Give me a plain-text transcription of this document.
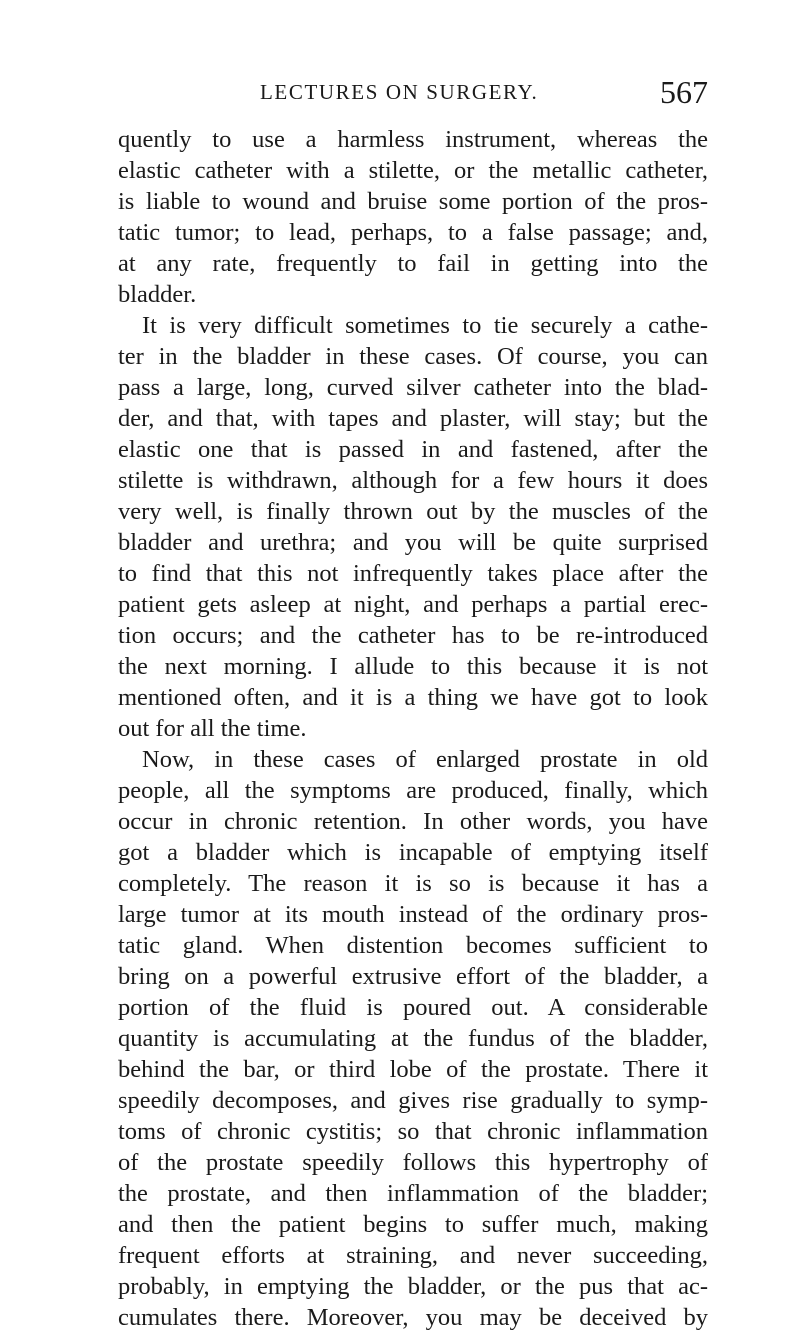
LECTURES ON SURGERY.	567
quently to use a harmless instrument, whereas the
elastic catheter with a stilette, or the metallic catheter,
is liable to wound and bruise some portion of the pros-
tatic tumor; to lead, perhaps, to a false passage; and,
at any rate, frequently to fail in getting into the
bladder.
It is very difficult sometimes to tie securely a cathe-
ter in the bladder in these cases. Of course, you can
pass a large, long, curved silver catheter into the blad-
der, and that, with tapes and plaster, will stay; but the
elastic one that is passed in and fastened, after the
stilette is withdrawn, although for a few hours it does
very well, is finally thrown out by the muscles of the
bladder and urethra; and you will be quite surprised
to find that this not infrequently takes place after the
patient gets asleep at night, and perhaps a partial erec-
tion occurs; and the catheter has to be re-introduced
the next morning. I allude to this because it is not
mentioned often, and it is a thing we have got to look
out for all the time.
Now, in these cases of enlarged prostate in old
people, all the symptoms are produced, finally, which
occur in chronic retention. In other words, you have
got a bladder which is incapable of emptying itself
completely. The reason it is so is because it has a
large tumor at its mouth instead of the ordinary pros-
tatic gland. When distention becomes sufficient to
bring on a powerful extrusive effort of the bladder, a
portion of the fluid is poured out. A considerable
quantity is accumulating at the fundus of the bladder,
behind the bar, or third lobe of the prostate. There it
speedily decomposes, and gives rise gradually to symp-
toms of chronic cystitis; so that chronic inflammation
of the prostate speedily follows this hypertrophy of
the prostate, and then inflammation of the bladder;
and then the patient begins to suffer much, making
frequent efforts at straining, and never succeeding,
probably, in emptying the bladder, or the pus that ac-
cumulates there. Moreover, you may be deceived by
